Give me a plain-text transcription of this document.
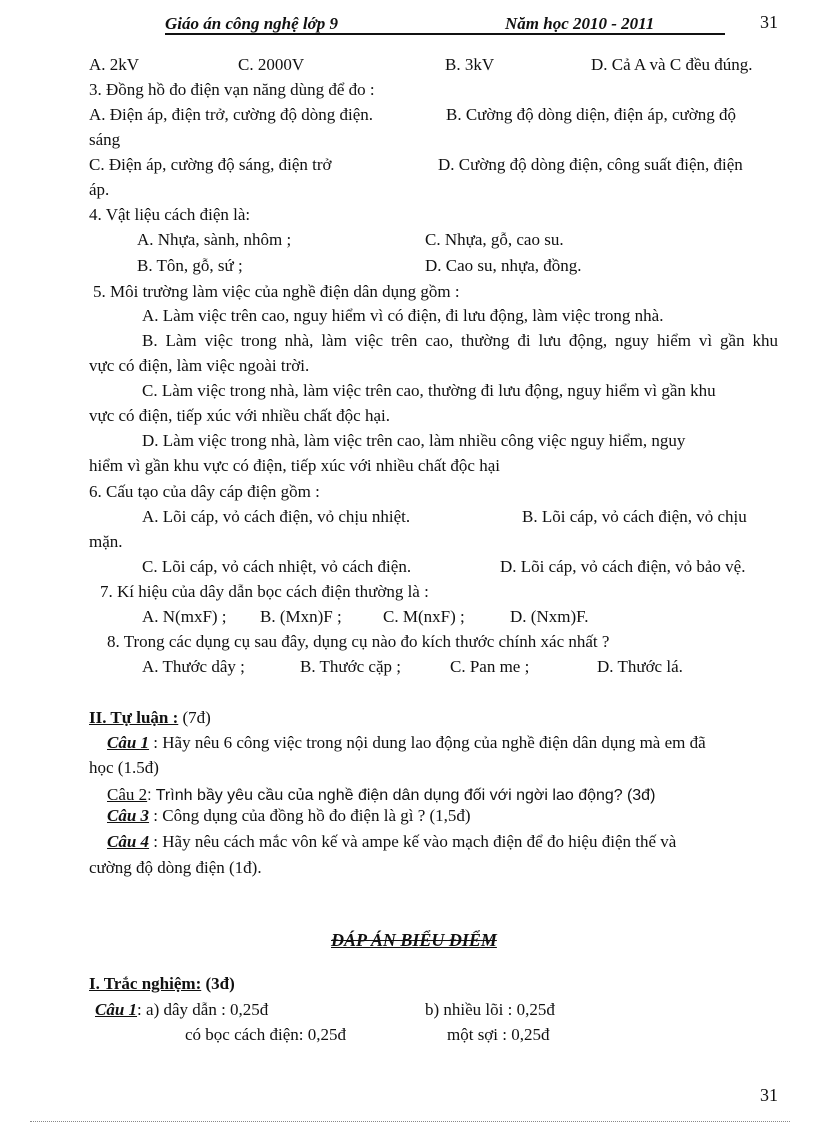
Giáo án công nghệ lớp 9	Năm học 2010 - 2011	31
A. 2kV	C. 2000V	B. 3kV	D. Cả A và C đều đúng.
3. Đồng hồ đo điện vạn năng dùng để đo :
A. Điện áp, điện trở, cường độ dòng điện.	B. Cường độ dòng diện, điện áp, cường độ
sáng
C. Điện áp, cường độ sáng, điện trở	D. Cường độ dòng điện, công suất điện, điện
áp.
4. Vật liệu cách điện là:
A. Nhựa, sành, nhôm ;	C. Nhựa, gỗ, cao su.
B. Tôn, gỗ, sứ ;	D. Cao su, nhựa, đồng.
5. Môi trường làm việc của nghề điện dân dụng gồm :
A. Làm việc trên cao, nguy hiểm vì có điện, đi lưu động, làm việc trong nhà.
B. Làm việc trong nhà, làm việc trên cao, thường đi lưu động, nguy hiểm vì gần khu
vực có điện, làm việc ngoài trời.
C. Làm việc trong nhà, làm việc trên cao, thường đi lưu động, nguy hiểm vì gần khu
vực có điện, tiếp xúc với nhiều chất độc hại.
D. Làm việc trong nhà, làm việc trên cao, làm nhiều công việc nguy hiểm, nguy
hiểm vì gần khu vực có điện, tiếp xúc với nhiều chất độc hại
6. Cấu tạo của dây cáp điện gồm :
A. Lõi cáp, vỏ cách điện, vỏ chịu nhiệt.	B. Lõi cáp, vỏ cách điện, vỏ chịu
mặn.
C. Lõi cáp, vỏ cách nhiệt, vỏ cách điện.	D. Lõi cáp, vỏ cách điện, vỏ bảo vệ.
7. Kí hiệu của dây dẫn bọc cách điện thường là :
A. N(mxF) ; B. (Mxn)F ; C. M(nxF) ;	D. (Nxm)F.
8. Trong các dụng cụ sau đây, dụng cụ nào đo kích thước chính xác nhất ?
A. Thước dây ;	B. Thước cặp ;	C. Pan me ;	D. Thước lá.
II. Tự luận : (7đ)
Câu 1 : Hãy nêu 6 công việc trong nội dung lao động của nghề điện dân dụng mà em đã
học (1.5đ)
Câu 2: Trình bầy yêu cầu của nghề điện dân dụng đối với ngời lao động? (3đ)
Câu 3 : Công dụng của đồng hồ đo điện là gì ? (1,5đ)
Câu 4 : Hãy nêu cách mắc vôn kế và ampe kế vào mạch điện để đo hiệu điện thế và
cường độ dòng điện (1đ).
ĐÁP ÁN BIỂU ĐIỂM
I. Trắc nghiệm: (3đ)
Câu 1: a) dây dẫn : 0,25đ	b) nhiều lõi : 0,25đ
có bọc cách điện: 0,25đ	một sợi : 0,25đ
31
